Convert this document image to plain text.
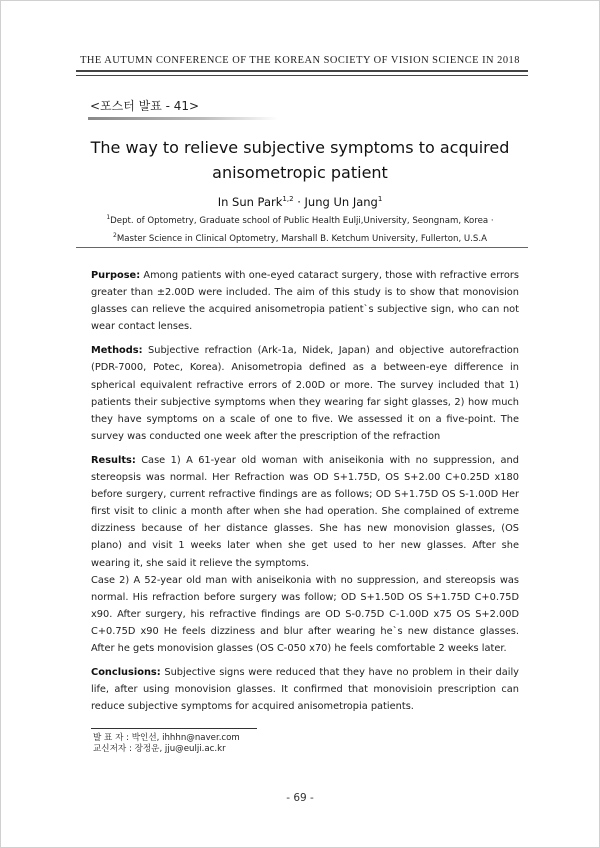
THE AUTUMN CONFERENCE OF THE KOREAN SOCIETY OF VISION SCIENCE IN 2018
<포스터 발표 - 41>
The way to relieve subjective symptoms to acquired
anisometropic patient
In Sun Park$^{1,2}$ · Jung Un Jang$^1$
$^1$Dept. of Optometry, Graduate school of Public Health Eulji,University, Seongnam, Korea ·
$^2$Master Science in Clinical Optometry, Marshall B. Ketchum University, Fullerton, U.S.A

Purpose: Among patients with one-eyed cataract surgery, those with refractive errors greater than ±2.00D were included. The aim of this study is to show that monovision glasses can relieve the acquired anisometropia patient`s subjective sign, who can not wear contact lenses.

Methods: Subjective refraction (Ark-1a, Nidek, Japan) and objective autorefraction (PDR-7000, Potec, Korea). Anisometropia defined as a between-eye difference in spherical equivalent refractive errors of 2.00D or more. The survey included that 1) patients their subjective symptoms when they wearing far sight glasses, 2) how much they have symptoms on a scale of one to five. We assessed it on a five-point. The survey was conducted one week after the prescription of the refraction

Results: Case 1) A 61-year old woman with aniseikonia with no suppression, and stereopsis was normal. Her Refraction was OD S+1.75D, OS S+2.00 C+0.25D x180 before surgery, current refractive findings are as follows; OD S+1.75D OS S-1.00D Her first visit to clinic a month after when she had operation. She complained of extreme dizziness because of her distance glasses. She has new monovision glasses, (OS plano) and visit 1 weeks later when she get used to her new glasses. After she wearing it, she said it relieve the symptoms.

Case 2) A 52-year old man with aniseikonia with no suppression, and stereopsis was normal. His refraction before surgery was follow; OD S+1.50D OS S+1.75D C+0.75D x90. After surgery, his refractive findings are OD S-0.75D C-1.00D x75 OS S+2.00D C+0.75D x90 He feels dizziness and blur after wearing he`s new distance glasses. After he gets monovision glasses (OS C-050 x70) he feels comfortable 2 weeks later.

Conclusions: Subjective signs were reduced that they have no problem in their daily life, after using monovision glasses. It confirmed that monovisioin prescription can reduce subjective symptoms for acquired anisometropia patients.

발 표 자 : 박인선, ihhhn@naver.com
교신저자 : 장정운, jju@eulji.ac.kr
- 69 -
